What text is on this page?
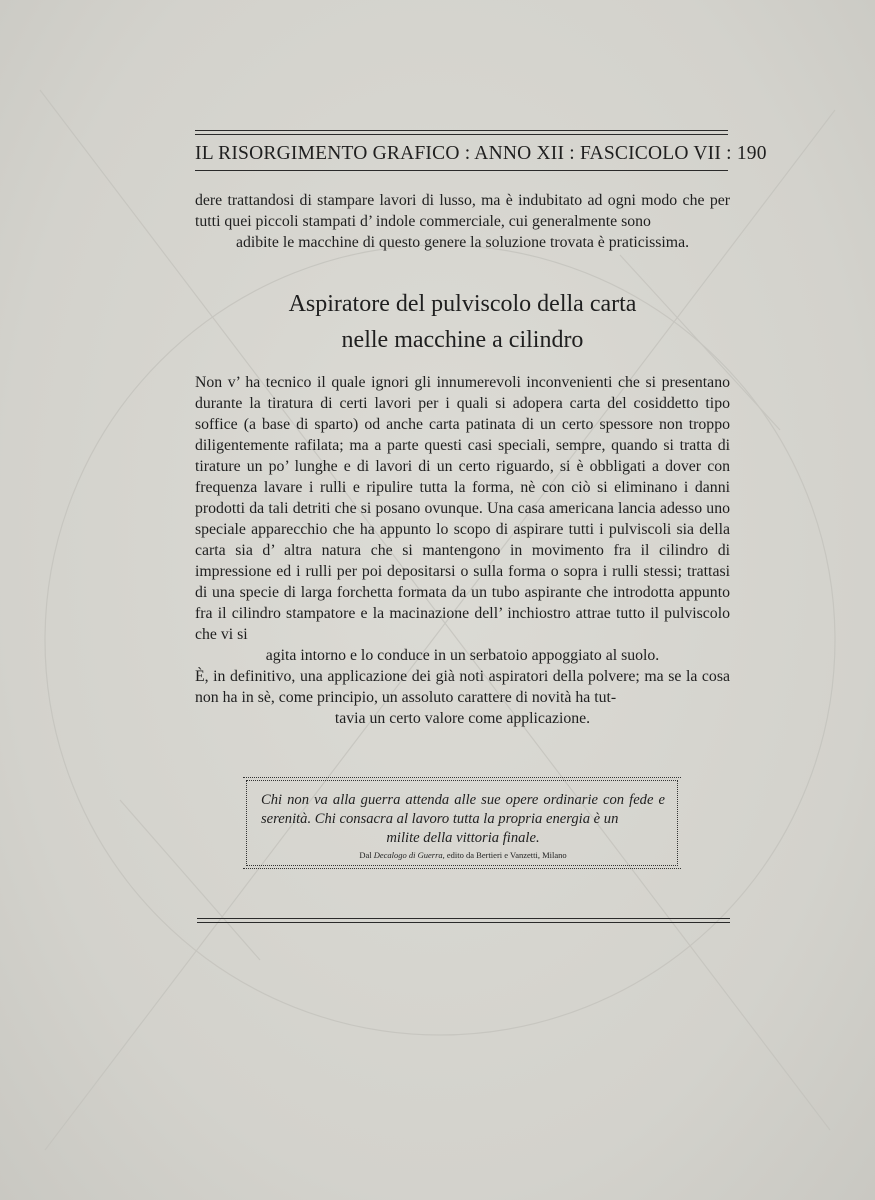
IL RISORGIMENTO GRAFICO : ANNO XII : FASCICOLO VII : 190

dere trattandosi di stampare lavori di lusso, ma è indubitato ad ogni modo che per tutti quei piccoli stampati d’ indole commerciale, cui generalmente sono

adibite le macchine di questo genere la soluzione trovata è praticissima.

Aspiratore del pulviscolo della carta
nelle macchine a cilindro

Non v’ ha tecnico il quale ignori gli innumerevoli inconvenienti che si presentano durante la tiratura di certi lavori per i quali si adopera carta del cosiddetto tipo soffice (a base di sparto) od anche carta patinata di un certo spessore non troppo diligentemente rafilata; ma a parte questi casi speciali, sempre, quando si tratta di tirature un po’ lunghe e di lavori di un certo riguardo, si è obbligati a dover con frequenza lavare i rulli e ripulire tutta la forma, nè con ciò si eliminano i danni prodotti da tali detriti che si posano ovunque. Una casa americana lancia adesso uno speciale apparecchio che ha appunto lo scopo di aspirare tutti i pulviscoli sia della carta sia d’ altra natura che si mantengono in movimento fra il cilindro di impressione ed i rulli per poi depositarsi o sulla forma o sopra i rulli stessi; trattasi di una specie di larga forchetta formata da un tubo aspirante che introdotta appunto fra il cilindro stampatore e la macinazione dell’ inchiostro attrae tutto il pulviscolo che vi si

agita intorno e lo conduce in un serbatoio appoggiato al suolo.

È, in definitivo, una applicazione dei già noti aspiratori della polvere; ma se la cosa non ha in sè, come principio, un assoluto carattere di novità ha tut-

tavia un certo valore come applicazione.

Chi non va alla guerra attenda alle sue opere ordinarie con fede e serenità. Chi consacra al lavoro tutta la propria energia è un
milite della vittoria finale.
Dal Decalogo di Guerra, edito da Bertieri e Vanzetti, Milano
